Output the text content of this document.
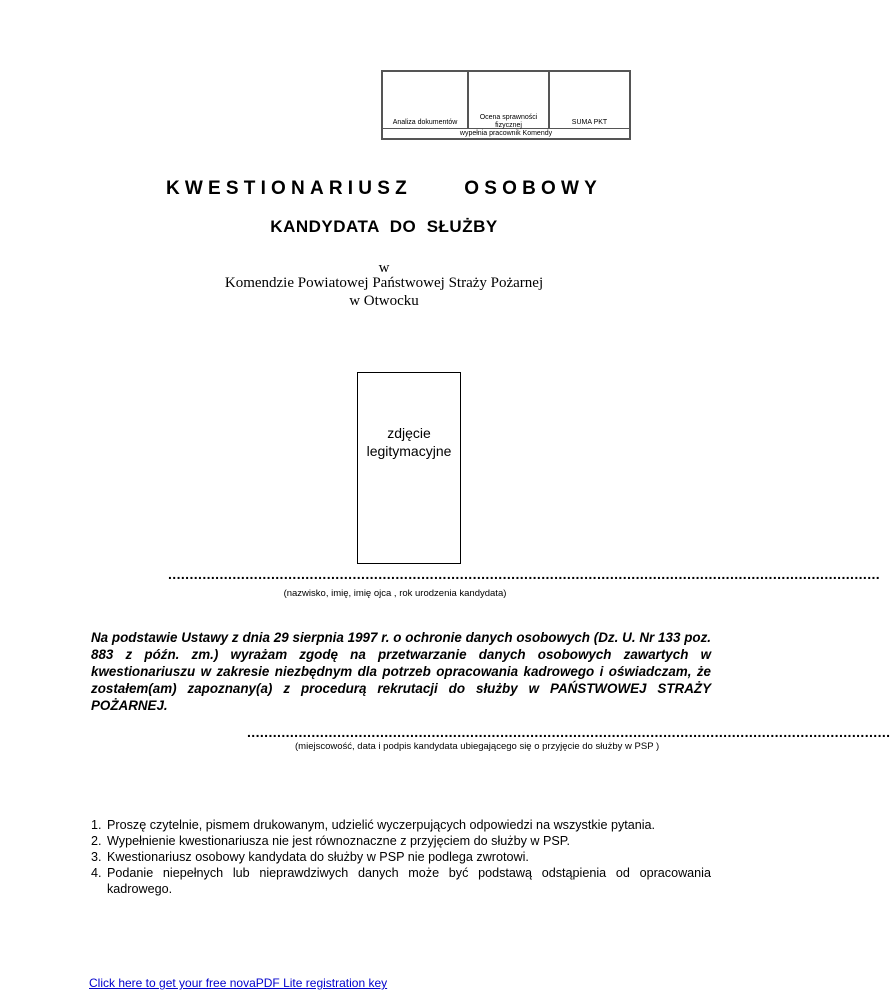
Analiza dokumentów
Ocena sprawności
fizycznej	SUMA PKT
wypełnia pracownik Komendy
KWESTIONARIUSZ     OSOBOWY
KANDYDATA  DO  SŁUŻBY
w
Komendzie Powiatowej Państwowej Straży Pożarnej
w Otwocku
zdjęcie
legitymacyjne
......................................................................................................................................................................
(nazwisko, imię, imię ojca , rok urodzenia kandydata)
Na podstawie Ustawy z dnia 29 sierpnia 1997 r. o ochronie danych osobowych (Dz. U. Nr 133 poz. 883 z późn. zm.) wyrażam zgodę na przetwarzanie danych osobowych zawartych w kwestionariuszu w zakresie niezbędnym dla potrzeb opracowania kadrowego i oświadczam, że zostałem(am) zapoznany(a) z procedurą rekrutacji do służby w PAŃSTWOWEJ STRAŻY POŻARNEJ.
......................................................................................................................................................
(miejscowość, data i podpis kandydata ubiegającego się o przyjęcie do służby w PSP )
1. Proszę czytelnie, pismem drukowanym, udzielić wyczerpujących odpowiedzi na wszystkie pytania.
2. Wypełnienie kwestionariusza nie jest równoznaczne z przyjęciem do służby w PSP.
3. Kwestionariusz osobowy kandydata do służby w PSP nie podlega zwrotowi.
4. Podanie niepełnych lub nieprawdziwych danych może być podstawą odstąpienia od opracowania kadrowego.
Click here to get your free novaPDF Lite registration key
